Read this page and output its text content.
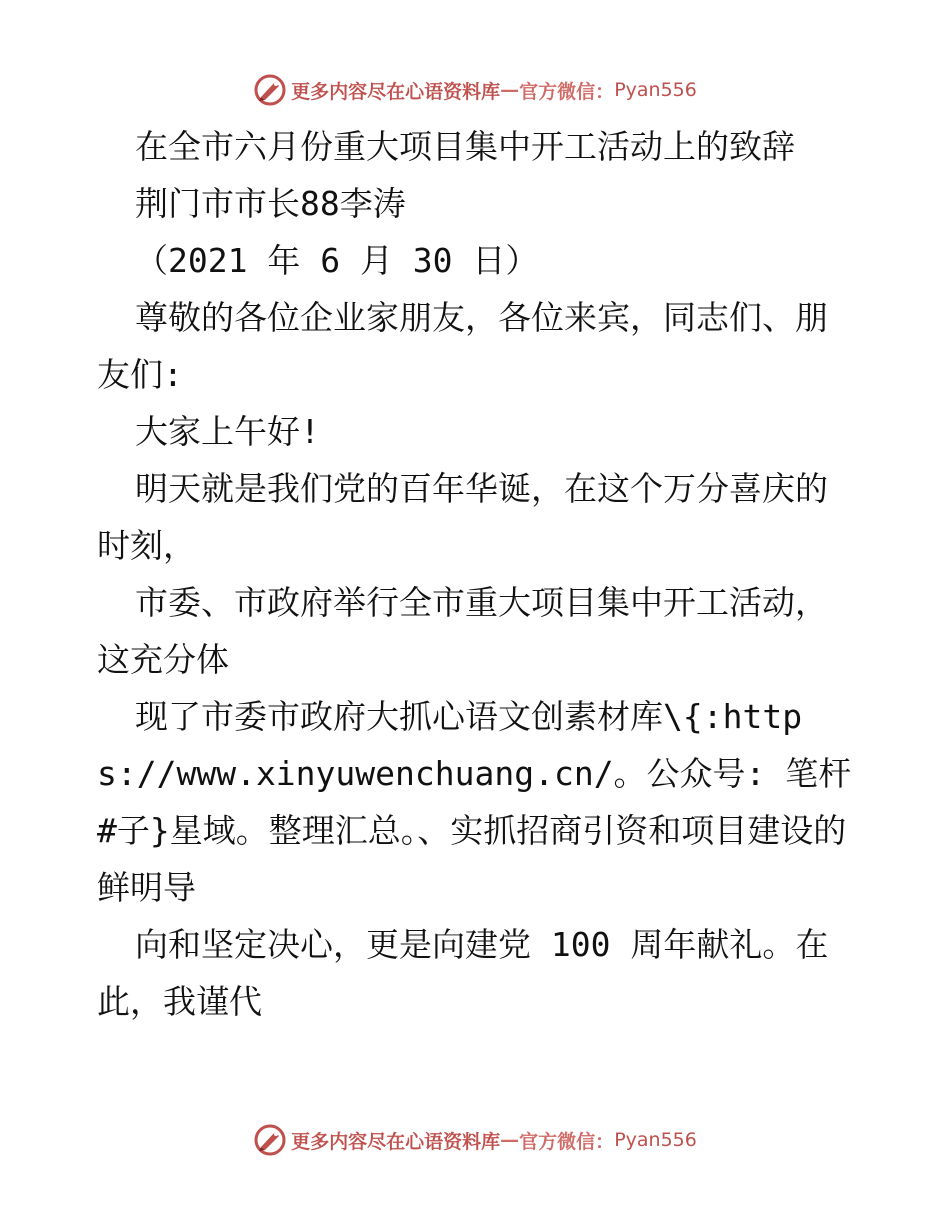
更多内容尽在心语资料库 — 官方微信： Pyan556

在全市六月份重大项目集中开工活动上的致辞

荆门市市长88李涛

（2021 年 6 月 30 日）

尊敬的各位企业家朋友，各位来宾，同志们、朋友们:

大家上午好!

明天就是我们党的百年华诞，在这个万分喜庆的时刻，

市委、市政府举行全市重大项目集中开工活动，这充分体

现了市委市政府大抓心语文创素材库\{:https://www.xinyuwenchuang.cn/。公众号: 笔杆#子}星域。整理汇总。、实抓招商引资和项目建设的鲜明导

向和坚定决心，更是向建党 100 周年献礼。在此，我谨代

更多内容尽在心语资料库 — 官方微信： Pyan556
